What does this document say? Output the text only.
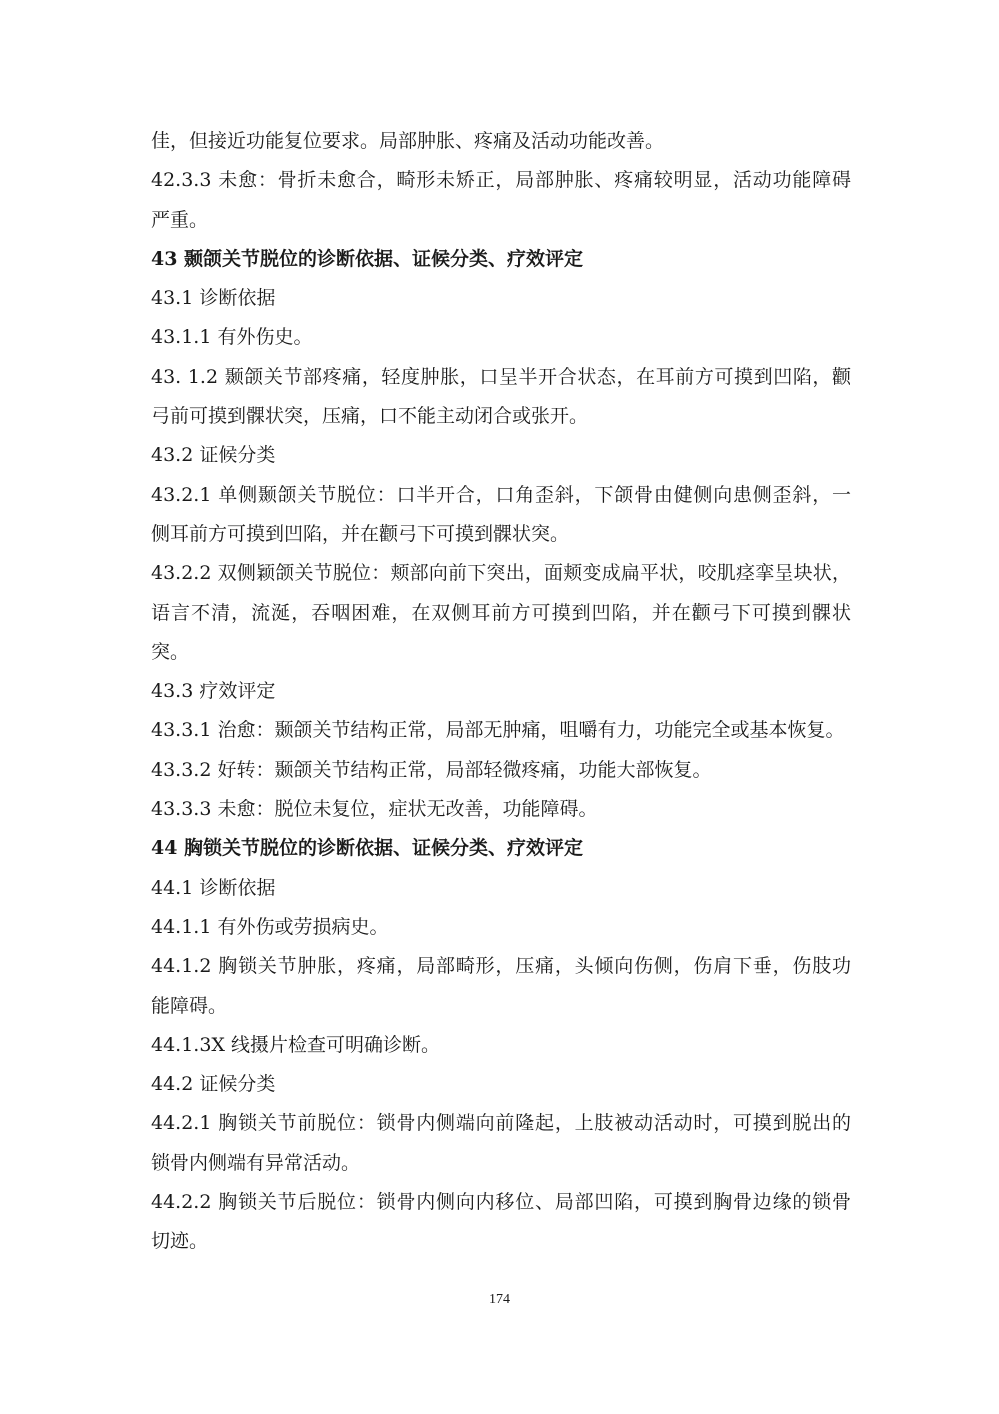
佳，但接近功能复位要求。局部肿胀、疼痛及活动功能改善。
42.3.3 未愈：骨折未愈合，畸形未矫正，局部肿胀、疼痛较明显，活动功能障碍
严重。
43 颞颌关节脱位的诊断依据、证候分类、疗效评定
43.1 诊断依据
43.1.1 有外伤史。
43. 1.2 颞颌关节部疼痛，轻度肿胀，口呈半开合状态，在耳前方可摸到凹陷，颧
弓前可摸到髁状突，压痛，口不能主动闭合或张开。
43.2 证候分类
43.2.1 单侧颞颌关节脱位：口半开合，口角歪斜，下颌骨由健侧向患侧歪斜，一
侧耳前方可摸到凹陷，并在颧弓下可摸到髁状突。
43.2.2 双侧颖颌关节脱位：颊部向前下突出，面颊变成扁平状，咬肌痉挛呈块状，
语言不清，流涎，吞咽困难，在双侧耳前方可摸到凹陷，并在颧弓下可摸到髁状
突。
43.3 疗效评定
43.3.1 治愈：颞颌关节结构正常，局部无肿痛，咀嚼有力，功能完全或基本恢复。
43.3.2 好转：颞颌关节结构正常，局部轻微疼痛，功能大部恢复。
43.3.3 未愈：脱位未复位，症状无改善，功能障碍。
44 胸锁关节脱位的诊断依据、证候分类、疗效评定
44.1 诊断依据
44.1.1 有外伤或劳损病史。
44.1.2 胸锁关节肿胀，疼痛，局部畸形，压痛，头倾向伤侧，伤肩下垂，伤肢功
能障碍。
44.1.3X 线摄片检查可明确诊断。
44.2 证候分类
44.2.1 胸锁关节前脱位：锁骨内侧端向前隆起，上肢被动活动时，可摸到脱出的
锁骨内侧端有异常活动。
44.2.2 胸锁关节后脱位：锁骨内侧向内移位、局部凹陷，可摸到胸骨边缘的锁骨
切迹。
174
